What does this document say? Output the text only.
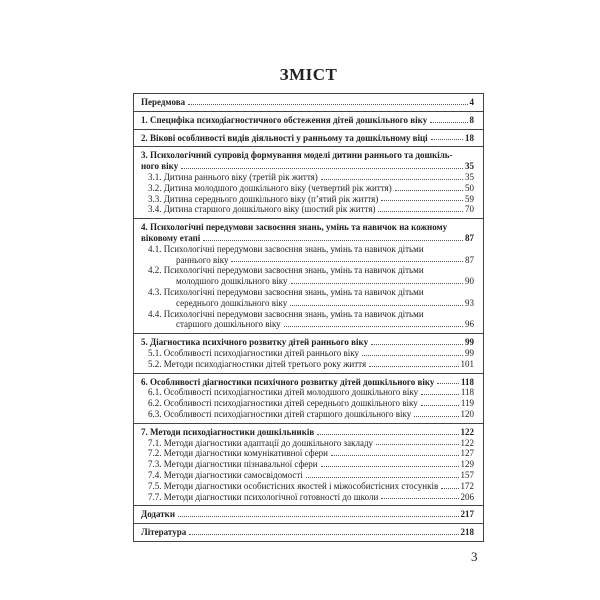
ЗМІСТ
Передмова	4
1. Специфіка психодіагностичного обстеження дітей дошкільного віку	8
2. Вікові особливості видів діяльності у ранньому та дошкільному віці	18
3. Психологічний супровід формування моделі дитини раннього та дошкіль-
ного віку	35
3.1. Дитина раннього віку (третій рік життя)	35
3.2. Дитина молодшого дошкільного віку (четвертий рік життя)	50
3.3. Дитина середнього дошкільного віку (п’ятий рік життя)	59
3.4. Дитина старшого дошкільного віку (шостий рік життя)	70
4. Психологічні передумови засвоєння знань, умінь та навичок на кожному
віковому етапі	87
4.1. Психологічні передумови засвоєння знань, умінь та навичок дітьми
раннього віку	87
4.2. Психологічні передумови засвоєння знань, умінь та навичок дітьми
молодшого дошкільного віку	90
4.3. Психологічні передумови засвоєння знань, умінь та навичок дітьми
середнього дошкільного віку	93
4.4. Психологічні передумови засвоєння знань, умінь та навичок дітьми
старшого дошкільного віку	96
5. Діагностика психічного розвитку дітей раннього віку	99
5.1. Особливості психодіагностики дітей раннього віку	99
5.2. Методи психодіагностики дітей третього року життя	101
6. Особливості діагностики психічного розвитку дітей дошкільного віку	118
6.1. Особливості психодіагностики дітей молодшого дошкільного віку	118
6.2. Особливості психодіагностики дітей середнього дошкільного віку	119
6.3. Особливості психодіагностики дітей старшого дошкільного віку	120
7. Методи психодіагностики дошкільників	122
7.1. Методи діагностики адаптації до дошкільного закладу	122
7.2. Методи діагностики комунікативної сфери	127
7.3. Методи діагностики пізнавальної сфери	129
7.4. Методи діагностики самосвідомості	157
7.5. Методи діагностики особистісних якостей і міжособистісних стосунків 172
7.7. Методи діагностики психологічної готовності до школи	206
Додатки	217
Література	218
3
